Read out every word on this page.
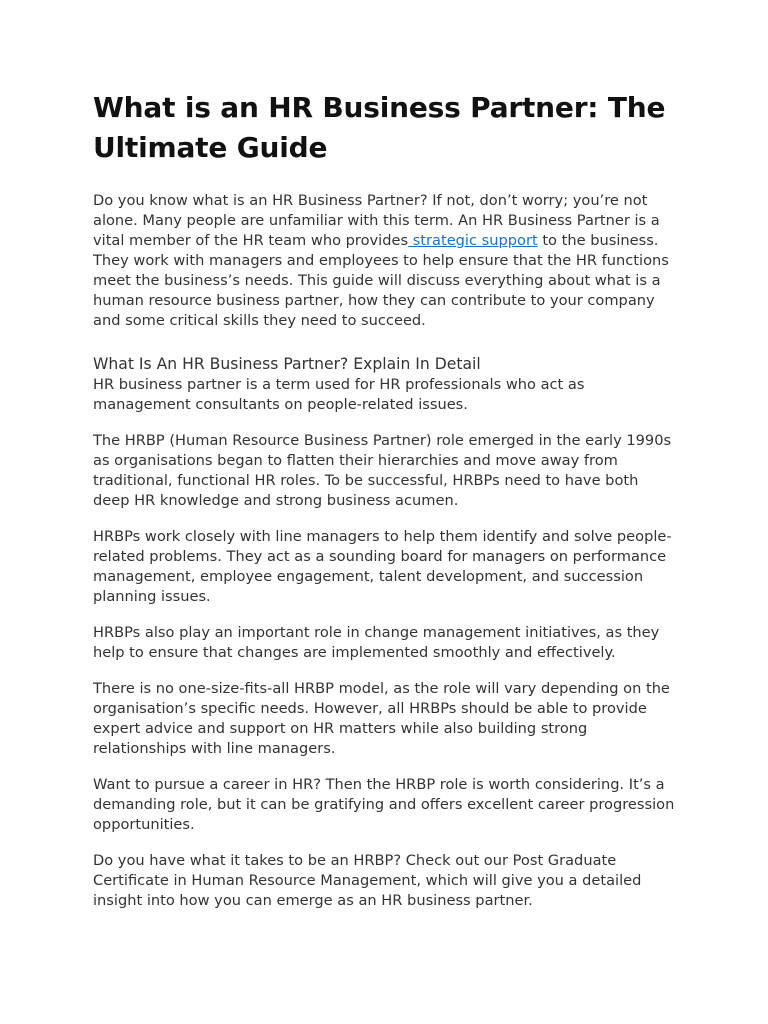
What is an HR Business Partner: The Ultimate Guide

Do you know what is an HR Business Partner? If not, don’t worry; you’re not alone. Many people are unfamiliar with this term. An HR Business Partner is a vital member of the HR team who provides strategic support to the business. They work with managers and employees to help ensure that the HR functions meet the business’s needs. This guide will discuss everything about what is a human resource business partner, how they can contribute to your company and some critical skills they need to succeed.

What Is An HR Business Partner? Explain In Detail

HR business partner is a term used for HR professionals who act as management consultants on people-related issues.

The HRBP (Human Resource Business Partner) role emerged in the early 1990s as organisations began to flatten their hierarchies and move away from traditional, functional HR roles. To be successful, HRBPs need to have both deep HR knowledge and strong business acumen.

HRBPs work closely with line managers to help them identify and solve people-related problems. They act as a sounding board for managers on performance management, employee engagement, talent development, and succession planning issues.

HRBPs also play an important role in change management initiatives, as they help to ensure that changes are implemented smoothly and effectively.

There is no one-size-fits-all HRBP model, as the role will vary depending on the organisation’s specific needs. However, all HRBPs should be able to provide expert advice and support on HR matters while also building strong relationships with line managers.

Want to pursue a career in HR? Then the HRBP role is worth considering. It’s a demanding role, but it can be gratifying and offers excellent career progression opportunities.

Do you have what it takes to be an HRBP? Check out our Post Graduate Certificate in Human Resource Management, which will give you a detailed insight into how you can emerge as an HR business partner.
